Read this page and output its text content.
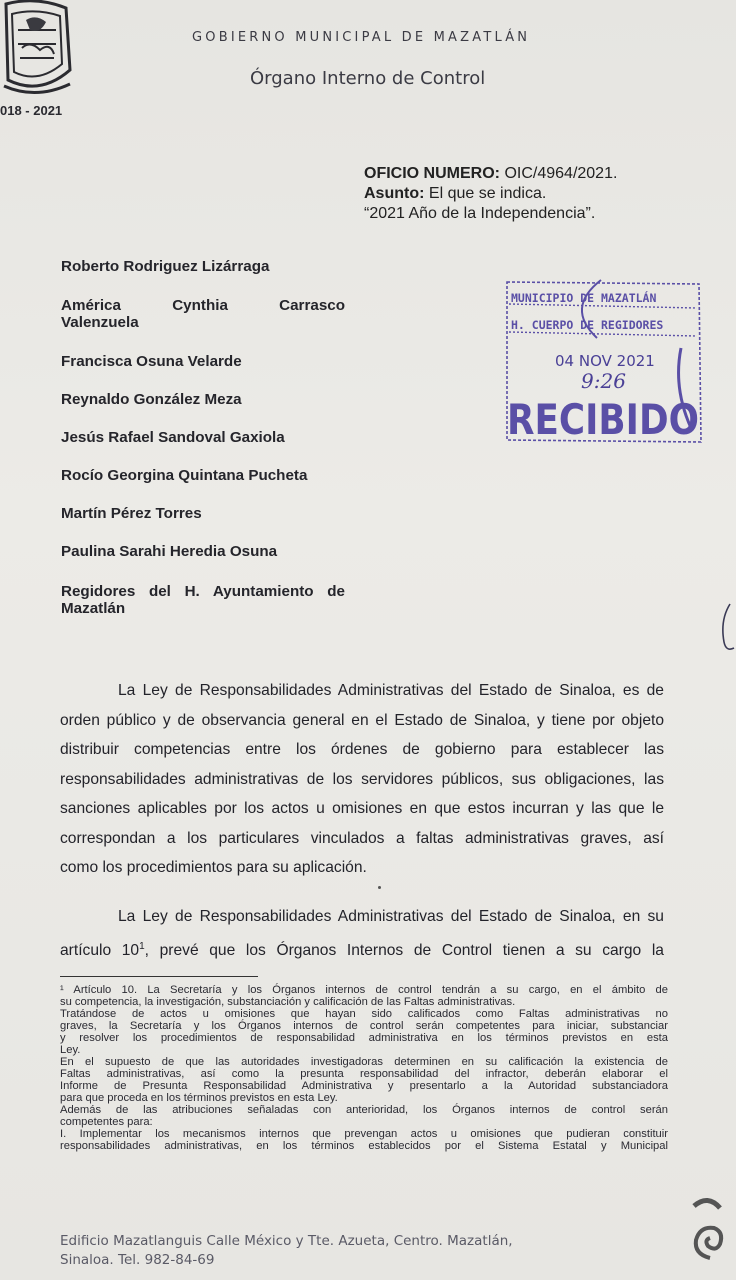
018 - 2021
GOBIERNO MUNICIPAL DE MAZATLÁN
Órgano Interno de Control
OFICIO NUMERO: OIC/4964/2021.
Asunto: El que se indica.
“2021 Año de la Independencia”.
Roberto Rodriguez Lizárraga
América Cynthia Carrasco
Valenzuela
Francisca Osuna Velarde
Reynaldo González Meza
Jesús Rafael Sandoval Gaxiola
Rocío Georgina Quintana Pucheta
Martín Pérez Torres
Paulina Sarahi Heredia Osuna
Regidores del H. Ayuntamiento de
Mazatlán
MUNICIPIO DE MAZATLÁN
H. CUERPO DE REGIDORES
04 NOV 2021
9:26
RECIBIDO
La Ley de Responsabilidades Administrativas del Estado de Sinaloa, es de
orden público y de observancia general en el Estado de Sinaloa, y tiene por objeto
distribuir competencias entre los órdenes de gobierno para establecer las
responsabilidades administrativas de los servidores públicos, sus obligaciones, las
sanciones aplicables por los actos u omisiones en que estos incurran y las que le
correspondan a los particulares vinculados a faltas administrativas graves, así
como los procedimientos para su aplicación.
La Ley de Responsabilidades Administrativas del Estado de Sinaloa, en su
artículo $10^1$, prevé que los Órganos Internos de Control tienen a su cargo la
¹ Artículo 10. La Secretaría y los Órganos internos de control tendrán a su cargo, en el ámbito de
su competencia, la investigación, substanciación y calificación de las Faltas administrativas.
Tratándose de actos u omisiones que hayan sido calificados como Faltas administrativas no
graves, la Secretaría y los Órganos internos de control serán competentes para iniciar, substanciar
y resolver los procedimientos de responsabilidad administrativa en los términos previstos en esta
Ley.
En el supuesto de que las autoridades investigadoras determinen en su calificación la existencia de
Faltas administrativas, así como la presunta responsabilidad del infractor, deberán elaborar el
Informe de Presunta Responsabilidad Administrativa y presentarlo a la Autoridad substanciadora
para que proceda en los términos previstos en esta Ley.
Además de las atribuciones señaladas con anterioridad, los Órganos internos de control serán
competentes para:
I. Implementar los mecanismos internos que prevengan actos u omisiones que pudieran constituir
responsabilidades administrativas, en los términos establecidos por el Sistema Estatal y Municipal
Edificio Mazatlanguis Calle México y Tte. Azueta, Centro. Mazatlán,
Sinaloa. Tel. 982-84-69
